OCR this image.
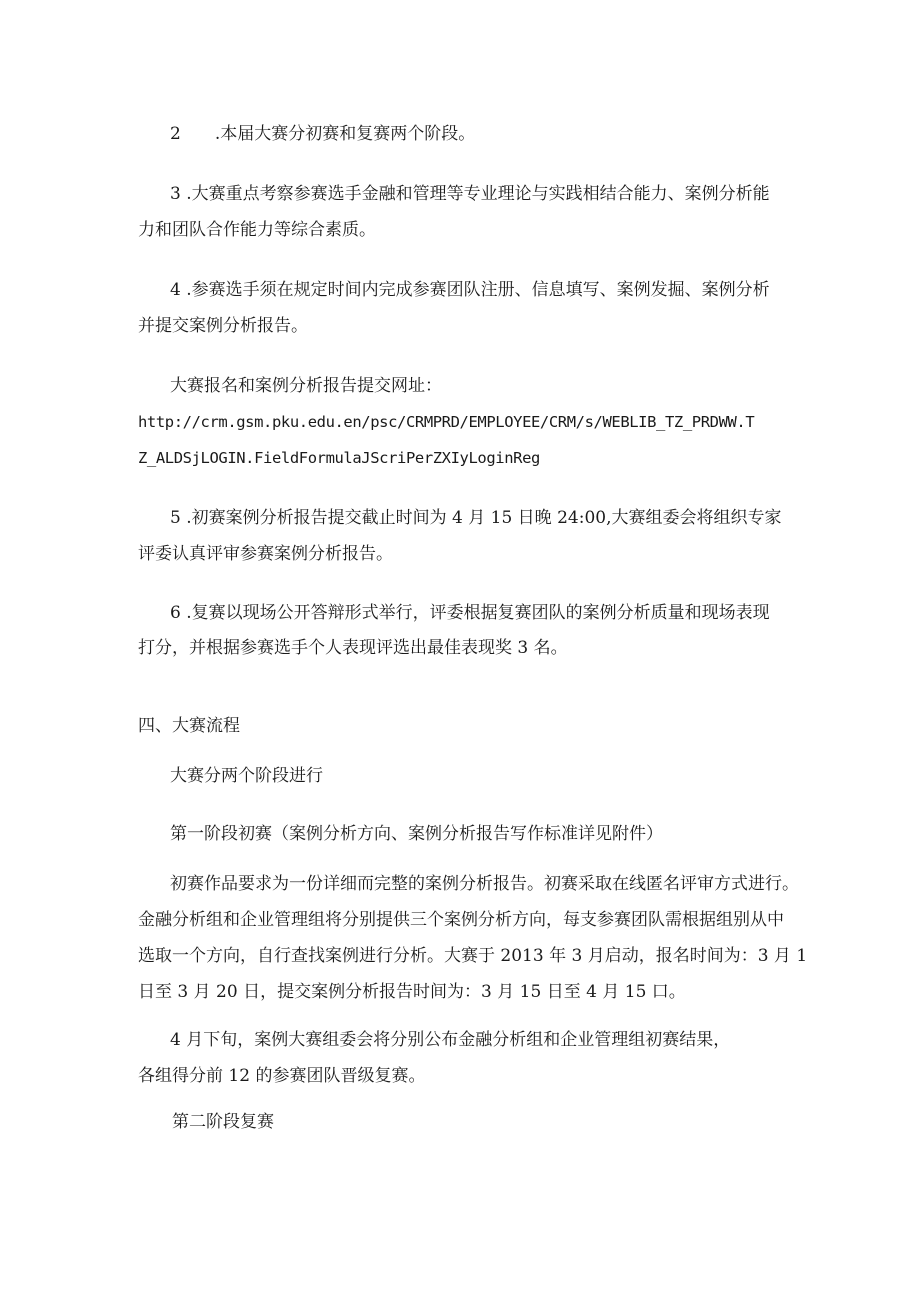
2 .本届大赛分初赛和复赛两个阶段。
3 .大赛重点考察参赛选手金融和管理等专业理论与实践相结合能力、案例分析能
力和团队合作能力等综合素质。
4 .参赛选手须在规定时间内完成参赛团队注册、信息填写、案例发掘、案例分析
并提交案例分析报告。
大赛报名和案例分析报告提交网址：
http://crm.gsm.pku.edu.en/psc/CRMPRD/EMPLOYEE/CRM/s/WEBLIB_TZ_PRDWW.T
Z_ALDSjLOGIN.FieldFormulaJScriPerZXIyLoginReg
5 .初赛案例分析报告提交截止时间为 4 月 15 日晚 24:00,大赛组委会将组织专家
评委认真评审参赛案例分析报告。
6 .复赛以现场公开答辩形式举行，评委根据复赛团队的案例分析质量和现场表现
打分，并根据参赛选手个人表现评选出最佳表现奖 3 名。
四、大赛流程
大赛分两个阶段进行
第一阶段初赛（案例分析方向、案例分析报告写作标准详见附件）
初赛作品要求为一份详细而完整的案例分析报告。初赛采取在线匿名评审方式进行。
金融分析组和企业管理组将分别提供三个案例分析方向，每支参赛团队需根据组别从中
选取一个方向，自行查找案例进行分析。大赛于 2013 年 3 月启动，报名时间为：3 月 1
日至 3 月 20 日，提交案例分析报告时间为：3 月 15 日至 4 月 15 口。
4 月下旬，案例大赛组委会将分别公布金融分析组和企业管理组初赛结果，
各组得分前 12 的参赛团队晋级复赛。
第二阶段复赛
